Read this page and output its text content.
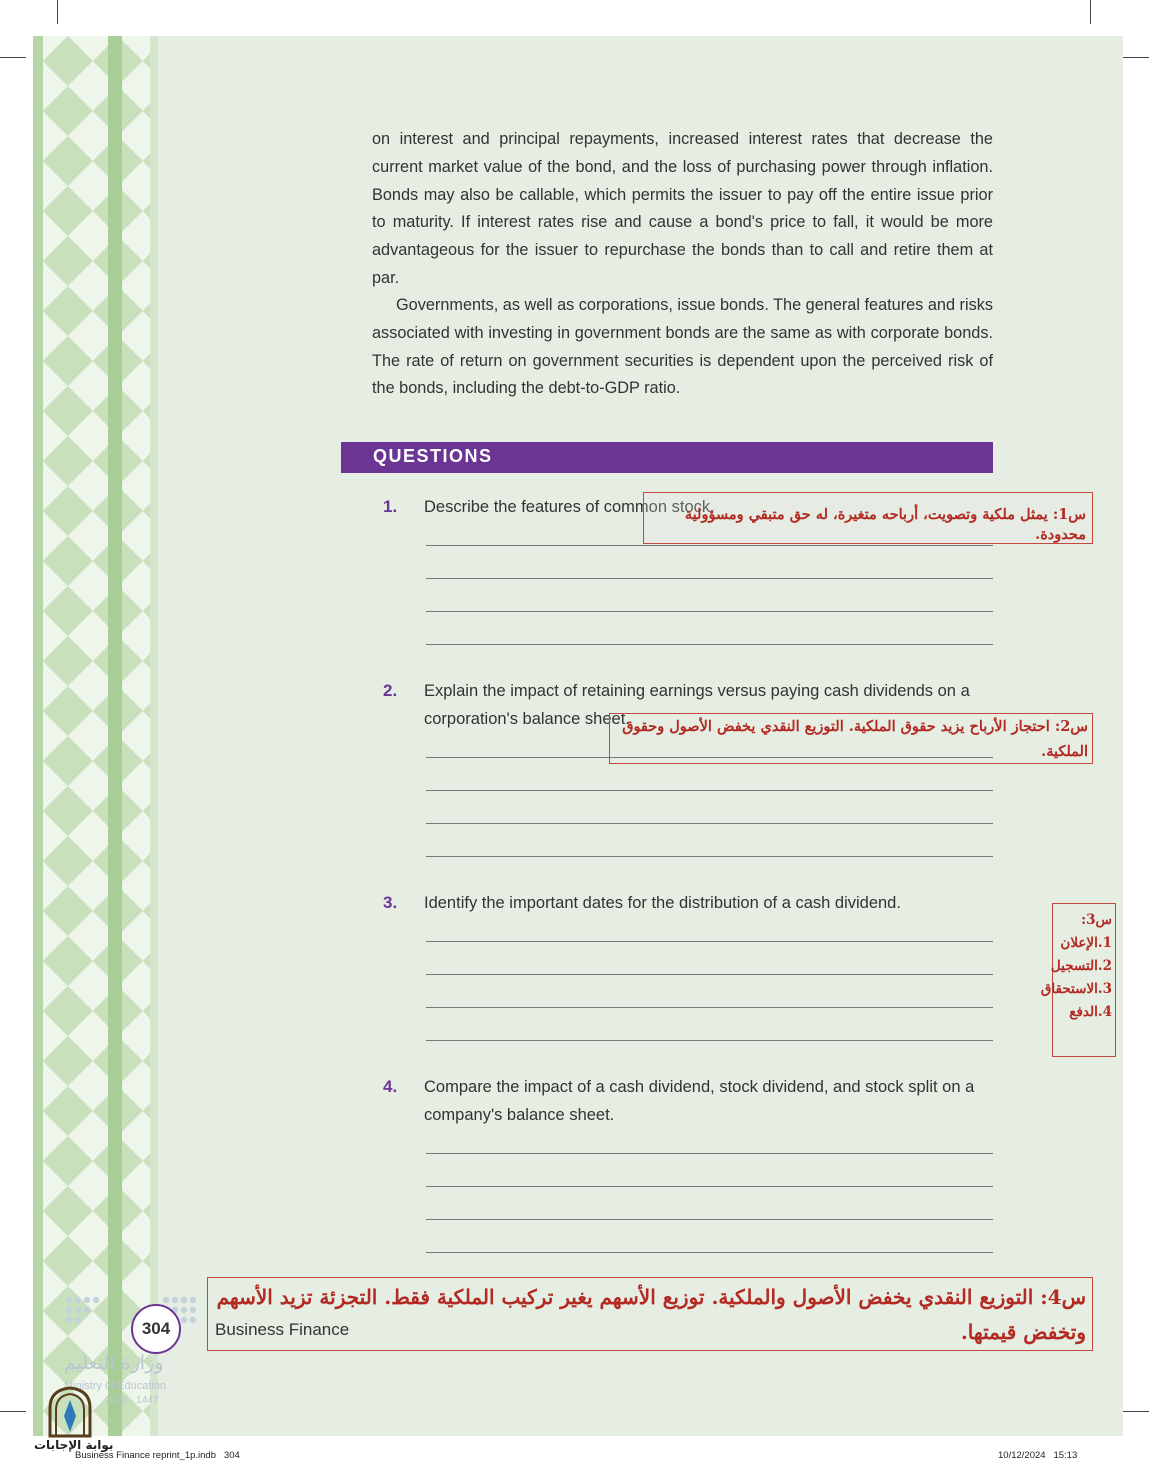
on interest and principal repayments, increased interest rates that decrease the current market value of the bond, and the loss of purchasing power through inflation. Bonds may also be callable, which permits the issuer to pay off the entire issue prior to maturity. If interest rates rise and cause a bond's price to fall, it would be more advantageous for the issuer to repurchase the bonds than to call and retire them at par.

Governments, as well as corporations, issue bonds. The general features and risks associated with investing in government bonds are the same as with corporate bonds. The rate of return on government securities is dependent upon the perceived risk of the bonds, including the debt-to-GDP ratio.

QUESTIONS
1. Describe the features of common stock.

2. Explain the impact of retaining earnings versus paying cash dividends on a corporation's balance sheet.

3. Identify the important dates for the distribution of a cash dividend.

4. Compare the impact of a cash dividend, stock dividend, and stock split on a company's balance sheet.

س1: يمثل ملكية وتصويت، أرباحه متغيرة، له حق متبقي ومسؤولية محدودة.
س2: احتجاز الأرباح يزيد حقوق الملكية. التوزيع النقدي يخفض الأصول وحقوق الملكية.
س3:
1.الإعلان
2.التسجيل
3.الاستحقاق
4.الدفع
304	Business Finance
وزارة التعليم
Ministry of Education
2023 - 1447
س4: التوزيع النقدي يخفض الأصول والملكية. توزيع الأسهم يغير تركيب الملكية فقط. التجزئة تزيد الأسهم وتخفض قيمتها.
بوابة الإجابات
Business Finance reprint_1p.indb   304	10/12/2024   15:13
